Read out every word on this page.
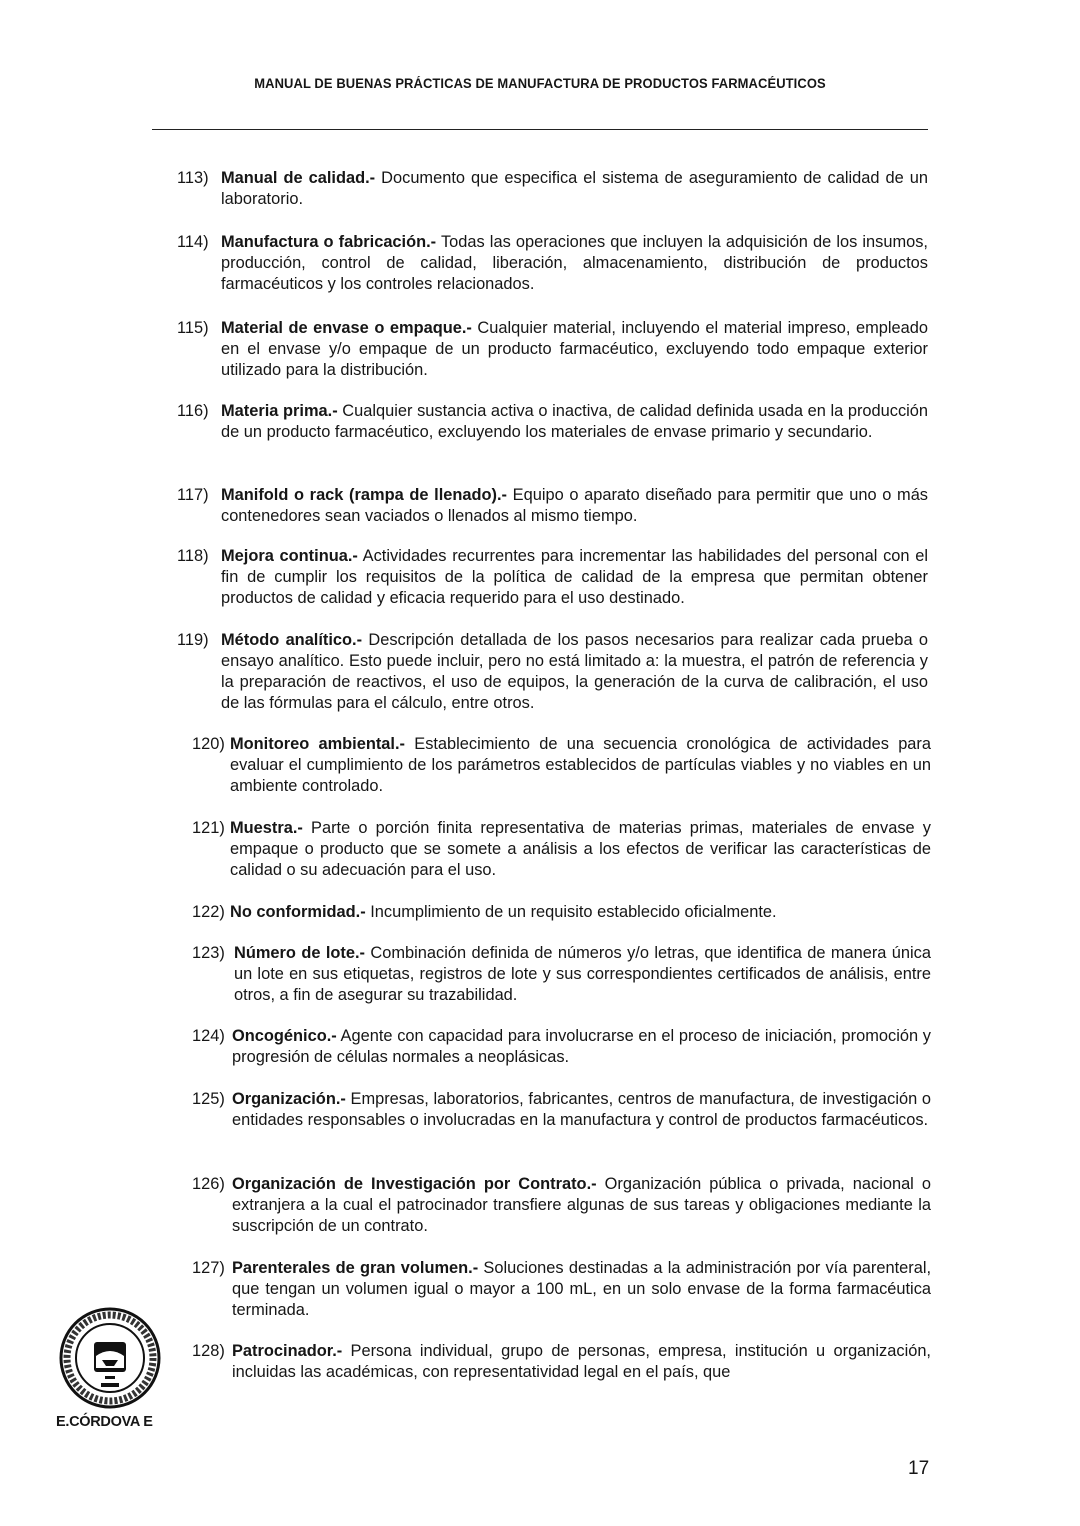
MANUAL DE BUENAS PRÁCTICAS DE MANUFACTURA DE PRODUCTOS FARMACÉUTICOS
113) Manual de calidad.- Documento que especifica el sistema de aseguramiento de calidad de un laboratorio.
114) Manufactura o fabricación.- Todas las operaciones que incluyen la adquisición de los insumos, producción, control de calidad, liberación, almacenamiento, distribución de productos farmacéuticos y los controles relacionados.
115) Material de envase o empaque.- Cualquier material, incluyendo el material impreso, empleado en el envase y/o empaque de un producto farmacéutico, excluyendo todo empaque exterior utilizado para la distribución.
116) Materia prima.- Cualquier sustancia activa o inactiva, de calidad definida usada en la producción de un producto farmacéutico, excluyendo los materiales de envase primario y secundario.
117) Manifold o rack (rampa de llenado).- Equipo o aparato diseñado para permitir que uno o más contenedores sean vaciados o llenados al mismo tiempo.
118) Mejora continua.- Actividades recurrentes para incrementar las habilidades del personal con el fin de cumplir los requisitos de la política de calidad de la empresa que permitan obtener productos de calidad y eficacia requerido para el uso destinado.
119) Método analítico.- Descripción detallada de los pasos necesarios para realizar cada prueba o ensayo analítico. Esto puede incluir, pero no está limitado a: la muestra, el patrón de referencia y la preparación de reactivos, el uso de equipos, la generación de la curva de calibración, el uso de las fórmulas para el cálculo, entre otros.
120) Monitoreo ambiental.- Establecimiento de una secuencia cronológica de actividades para evaluar el cumplimiento de los parámetros establecidos de partículas viables y no viables en un ambiente controlado.
121) Muestra.- Parte o porción finita representativa de materias primas, materiales de envase y empaque o producto que se somete a análisis a los efectos de verificar las características de calidad o su adecuación para el uso.
122) No conformidad.- Incumplimiento de un requisito establecido oficialmente.
123) Número de lote.- Combinación definida de números y/o letras, que identifica de manera única un lote en sus etiquetas, registros de lote y sus correspondientes certificados de análisis, entre otros, a fin de asegurar su trazabilidad.
124) Oncogénico.- Agente con capacidad para involucrarse en el proceso de iniciación, promoción y progresión de células normales a neoplásicas.
125) Organización.- Empresas, laboratorios, fabricantes, centros de manufactura, de investigación o entidades responsables o involucradas en la manufactura y control de productos farmacéuticos.
126) Organización de Investigación por Contrato.- Organización pública o privada, nacional o extranjera a la cual el patrocinador transfiere algunas de sus tareas y obligaciones mediante la suscripción de un contrato.
127) Parenterales de gran volumen.- Soluciones destinadas a la administración por vía parenteral, que tengan un volumen igual o mayor a 100 mL, en un solo envase de la forma farmacéutica terminada.
128) Patrocinador.- Persona individual, grupo de personas, empresa, institución u organización, incluidas las académicas, con representatividad legal en el país, que
E.CÓRDOVA E
17
